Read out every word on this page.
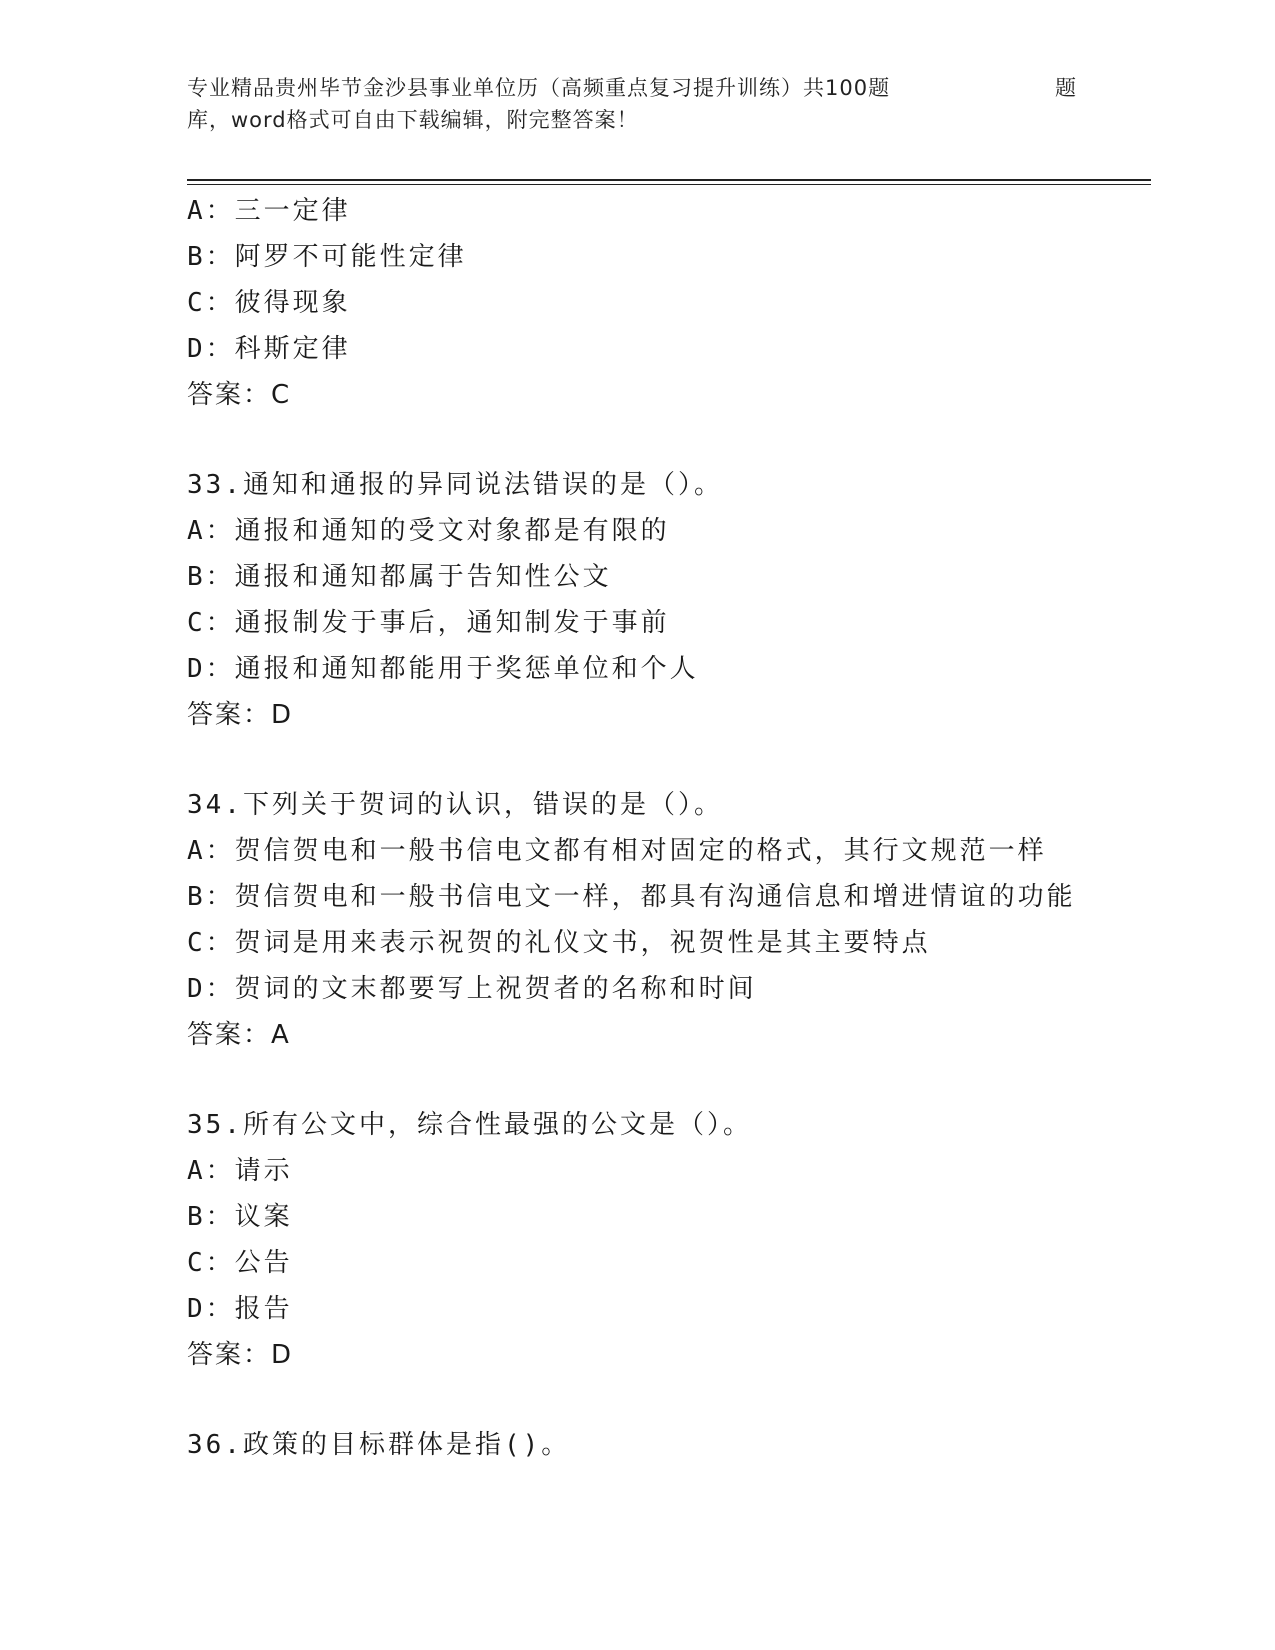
专业精品贵州毕节金沙县事业单位历（高频重点复习提升训练）共100题	题
库，word格式可自由下载编辑，附完整答案！
A：三一定律
B：阿罗不可能性定律
C：彼得现象
D：科斯定律
答案：C
33.通知和通报的异同说法错误的是（）。
A：通报和通知的受文对象都是有限的
B：通报和通知都属于告知性公文
C：通报制发于事后，通知制发于事前
D：通报和通知都能用于奖惩单位和个人
答案：D
34.下列关于贺词的认识，错误的是（）。
A：贺信贺电和一般书信电文都有相对固定的格式，其行文规范一样
B：贺信贺电和一般书信电文一样，都具有沟通信息和增进情谊的功能
C：贺词是用来表示祝贺的礼仪文书，祝贺性是其主要特点
D：贺词的文末都要写上祝贺者的名称和时间
答案：A
35.所有公文中，综合性最强的公文是（）。
A：请示
B：议案
C：公告
D：报告
答案：D
36.政策的目标群体是指()。
